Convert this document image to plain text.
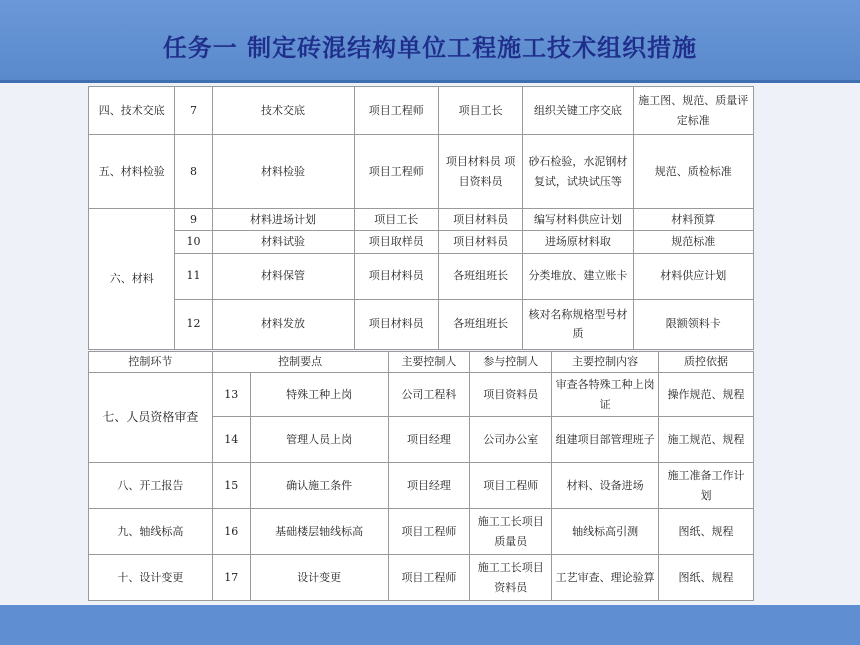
任务一 制定砖混结构单位工程施工技术组织措施
四、技术交底	7	技术交底	项目工程师	项目工长	组织关键工序交底	施工图、规范、质量评定标准
五、材料检验	8	材料检验	项目工程师	项目材料员 项目资料员	砂石检验，水泥钢材复试，试块试压等	规范、质检标准
六、材料	9	材料进场计划	项目工长	项目材料员	编写材料供应计划	材料预算
	10	材料试验	项目取样员	项目材料员	进场原材料取	规范标准
	11	材料保管	项目材料员	各班组班长	分类堆放、建立账卡	材料供应计划
	12	材料发放	项目材料员	各班组班长	核对名称规格型号材质	限额领料卡
控制环节	控制要点		主要控制人	参与控制人	主要控制内容	质控依据
七、人员资格审查	13	特殊工种上岗	公司工程科	项目资料员	审查各特殊工种上岗证	操作规范、规程
	14	管理人员上岗	项目经理	公司办公室	组建项目部管理班子	施工规范、规程
八、开工报告	15	确认施工条件	项目经理	项目工程师	材料、设备进场	施工准备工作计划
九、轴线标高	16	基础楼层轴线标高	项目工程师	施工工长项目质量员	轴线标高引测	图纸、规程
十、设计变更	17	设计变更	项目工程师	施工工长项目资料员	工艺审查、理论验算	图纸、规程
